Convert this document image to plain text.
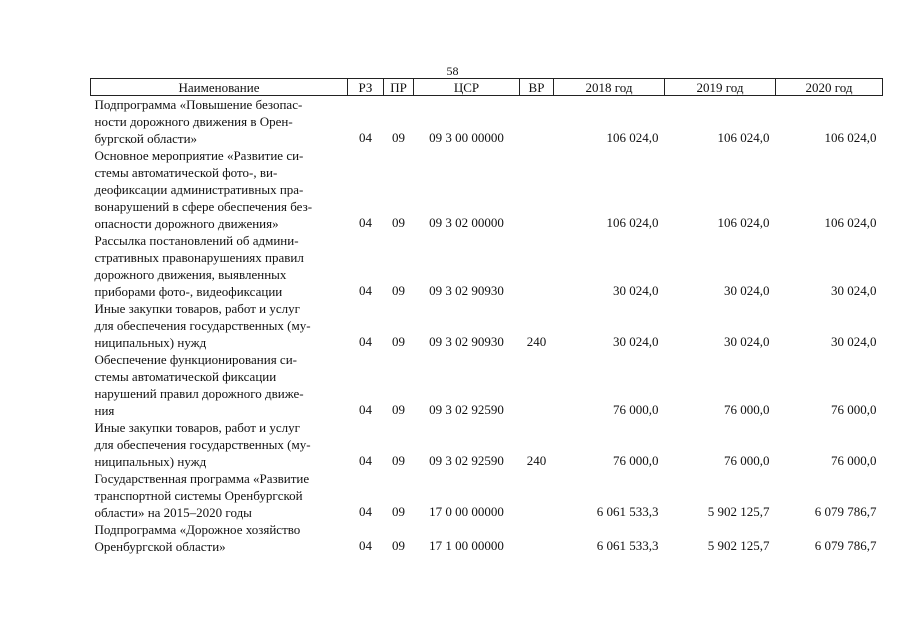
58
Наименование	РЗ	ПР	ЦСР	ВР	2018 год	2019 год	2020 год
Подпрограмма «Повышение безопас-
ности дорожного движения в Орен-
бургской области»	04	09	09 3 00 00000		106 024,0	106 024,0	106 024,0
Основное мероприятие «Развитие си-
стемы автоматической фото-, ви-
деофиксации административных пра-
вонарушений в сфере обеспечения без-
опасности дорожного движения»	04	09	09 3 02 00000		106 024,0	106 024,0	106 024,0
Рассылка постановлений об админи-
стративных правонарушениях правил
дорожного движения, выявленных
приборами фото-, видеофиксации	04	09	09 3 02 90930		30 024,0	30 024,0	30 024,0
Иные закупки товаров, работ и услуг
для обеспечения государственных (му-
ниципальных) нужд	04	09	09 3 02 90930	240	30 024,0	30 024,0	30 024,0
Обеспечение функционирования си-
стемы автоматической фиксации
нарушений правил дорожного движе-
ния	04	09	09 3 02 92590		76 000,0	76 000,0	76 000,0
Иные закупки товаров, работ и услуг
для обеспечения государственных (му-
ниципальных) нужд	04	09	09 3 02 92590	240	76 000,0	76 000,0	76 000,0
Государственная программа «Развитие
транспортной системы Оренбургской
области» на 2015–2020 годы	04	09	17 0 00 00000		6 061 533,3	5 902 125,7	6 079 786,7
Подпрограмма «Дорожное хозяйство
Оренбургской области»	04	09	17 1 00 00000		6 061 533,3	5 902 125,7	6 079 786,7
